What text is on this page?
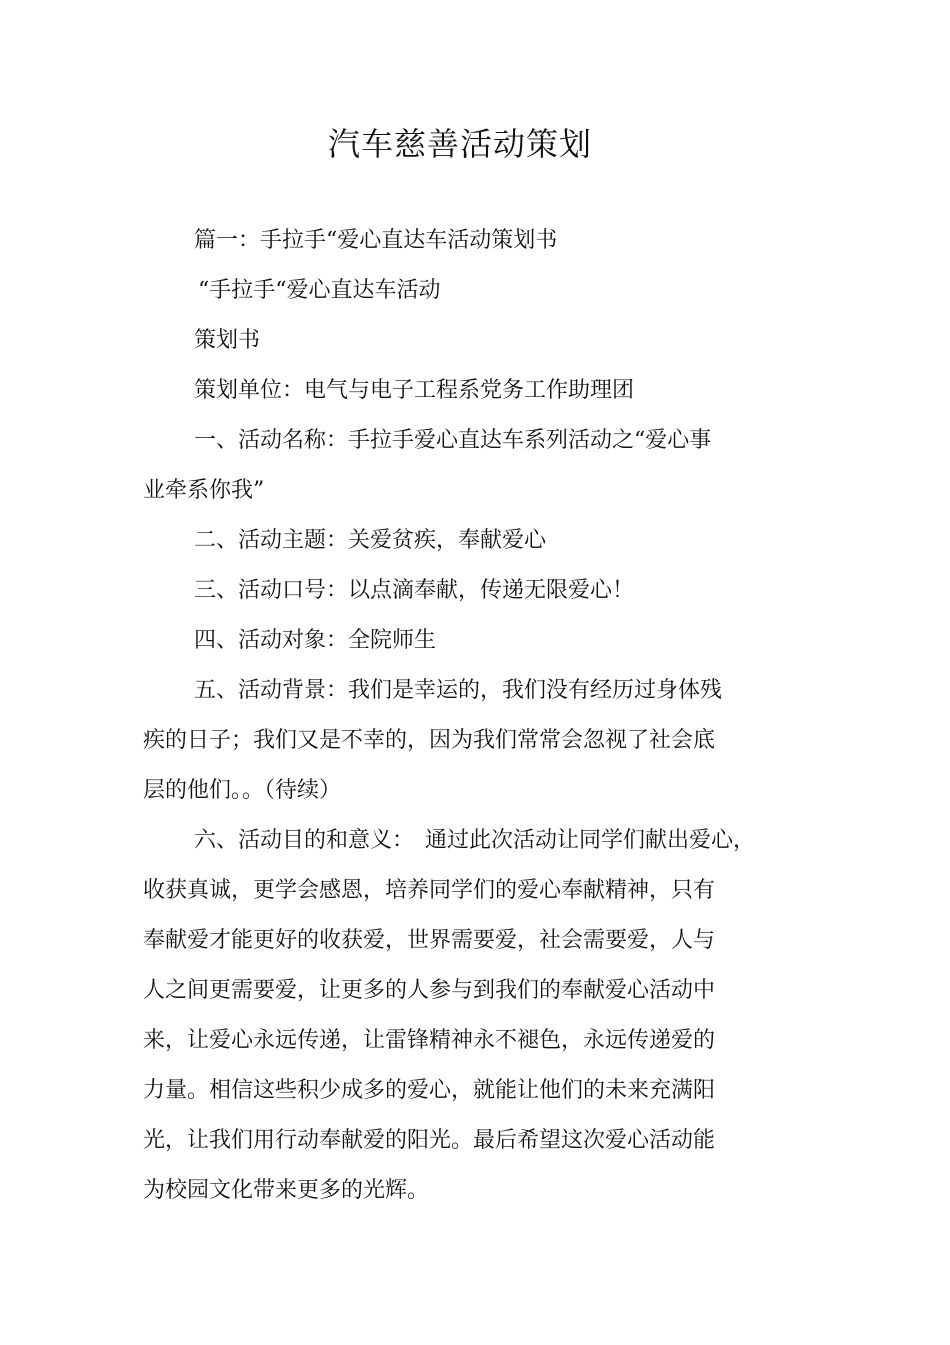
汽车慈善活动策划
篇一：手拉手“爱心直达车活动策划书
“手拉手“爱心直达车活动
策划书
策划单位：电气与电子工程系党务工作助理团
一、活动名称：手拉手爱心直达车系列活动之“爱心事
业牵系你我”
二、活动主题：关爱贫疾，奉献爱心
三、活动口号：以点滴奉献，传递无限爱心！
四、活动对象：全院师生
五、活动背景：我们是幸运的，我们没有经历过身体残
疾的日子；我们又是不幸的，因为我们常常会忽视了社会底
层的他们。。（待续）
六、活动目的和意义：　通过此次活动让同学们献出爱心，
收获真诚，更学会感恩，培养同学们的爱心奉献精神，只有
奉献爱才能更好的收获爱，世界需要爱，社会需要爱，人与
人之间更需要爱，让更多的人参与到我们的奉献爱心活动中
来，让爱心永远传递，让雷锋精神永不褪色，永远传递爱的
力量。相信这些积少成多的爱心，就能让他们的未来充满阳
光，让我们用行动奉献爱的阳光。最后希望这次爱心活动能
为校园文化带来更多的光辉。
